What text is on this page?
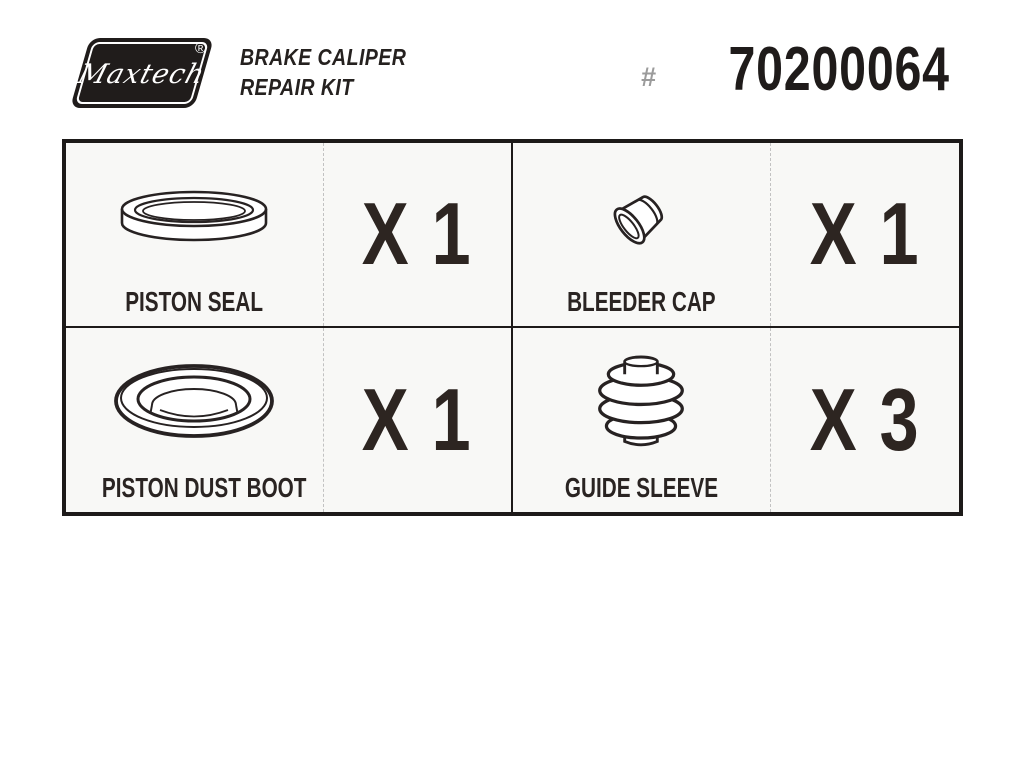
Maxtech
® BRAKE CALIPER
REPAIR KIT	# 70200064
PISTON SEAL
X 1
BLEEDER CAP
X 1
PISTON DUST BOOT
X 1
GUIDE SLEEVE
X 3
